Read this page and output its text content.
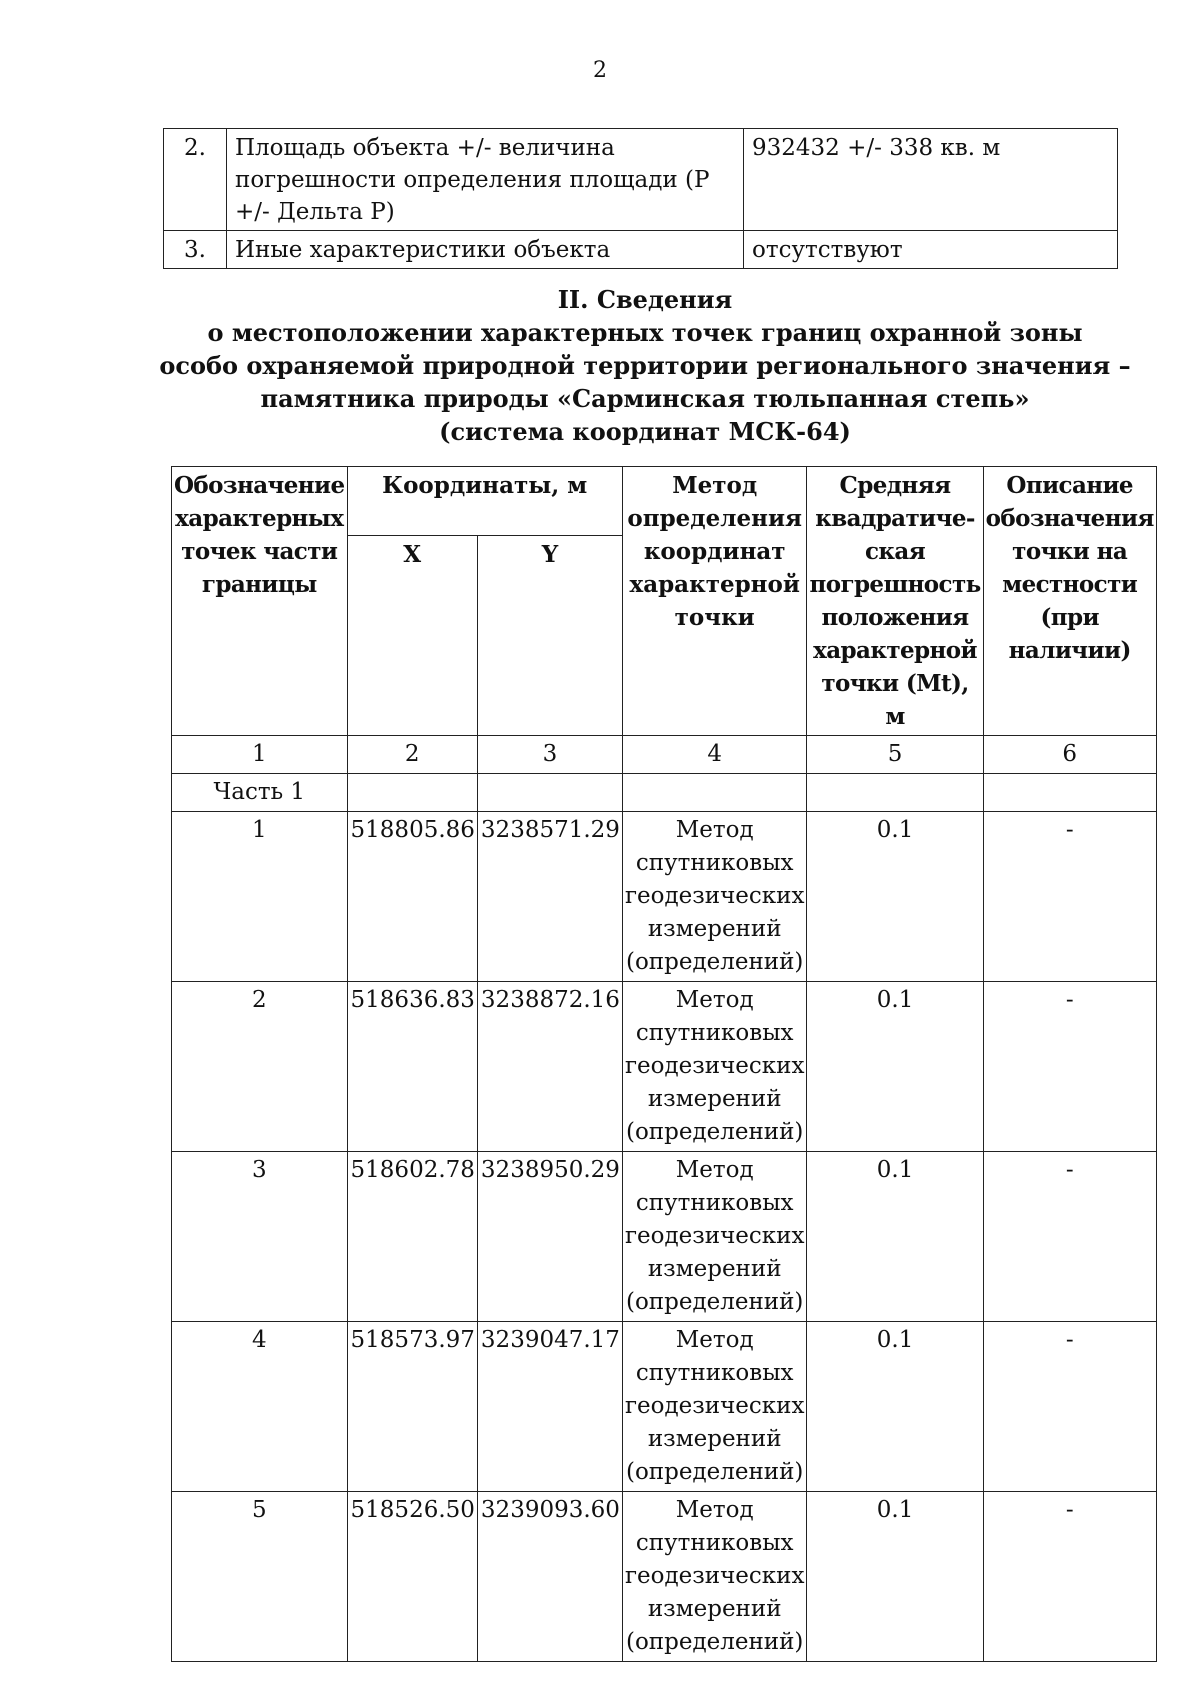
2
2.	Площадь объекта +/- величина погрешности определения площади (Р +/- Дельта Р)	932432 +/- 338 кв. м
3.	Иные характеристики объекта	отсутствуют
II. Сведения
о местоположении характерных точек границ охранной зоны
особо охраняемой природной территории регионального значения –
памятника природы «Сарминская тюльпанная степь»
(система координат МСК-64)
Обозначение характерных точек части границы	Координаты, м		Метод определения координат характерной точки	Средняя квадратиче- ская погрешность положения характерной точки (Mt), м	Описание обозначения точки на местности (при наличии)
	X	Y			
1	2	3	4	5	6
Часть 1					
1	518805.86	3238571.29	Метод спутниковых геодезических измерений (определений)	0.1	-
2	518636.83	3238872.16	Метод спутниковых геодезических измерений (определений)	0.1	-
3	518602.78	3238950.29	Метод спутниковых геодезических измерений (определений)	0.1	-
4	518573.97	3239047.17	Метод спутниковых геодезических измерений (определений)	0.1	-
5	518526.50	3239093.60	Метод спутниковых геодезических измерений (определений)	0.1	-
